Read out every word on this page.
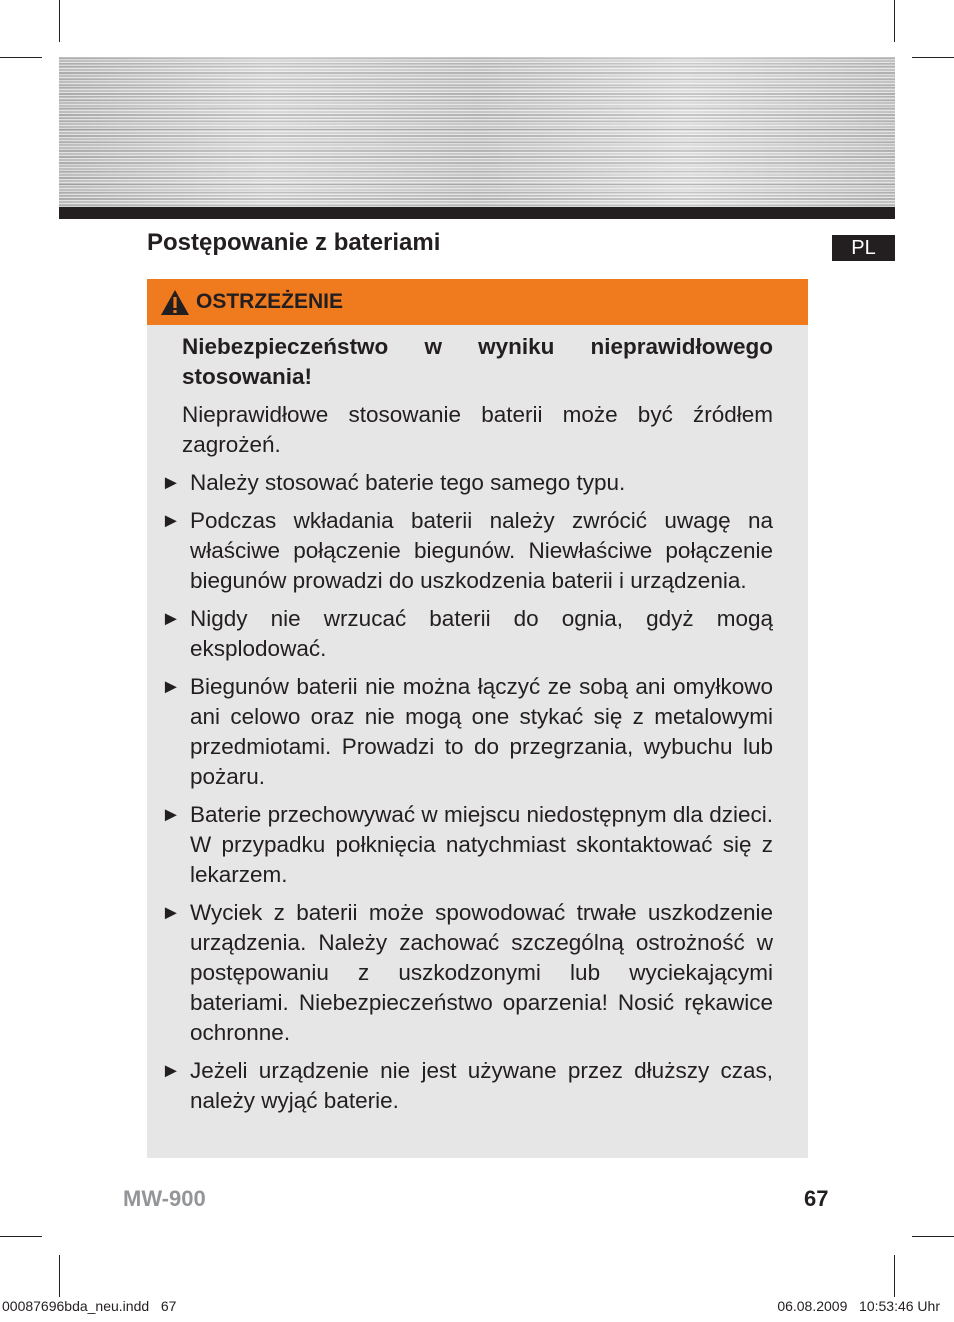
Postępowanie z bateriami	PL
OSTRZEŻENIE

Niebezpieczeństwo w wyniku nieprawidłowego stosowania!

Nieprawidłowe stosowanie baterii może być źródłem zagrożeń.

► Należy stosować baterie tego samego typu.
► Podczas wkładania baterii należy zwrócić uwagę na właściwe połączenie biegunów. Niewłaściwe połączenie biegunów prowadzi do uszkodzenia baterii i urządzenia.
► Nigdy nie wrzucać baterii do ognia, gdyż mogą eksplodować.
► Biegunów baterii nie można łączyć ze sobą ani omyłkowo ani celowo oraz nie mogą one stykać się z metalowymi przedmiotami. Prowadzi to do przegrzania, wybuchu lub pożaru.
► Baterie przechowywać w miejscu niedostępnym dla dzieci. W przypadku połknięcia natychmiast skontaktować się z lekarzem.
► Wyciek z baterii może spowodować trwałe uszkodzenie urządzenia. Należy zachować szczególną ostrożność w postępowaniu z uszkodzonymi lub wyciekającymi bateriami. Niebezpieczeństwo oparzenia! Nosić rękawice ochronne.
► Jeżeli urządzenie nie jest używane przez dłuższy czas, należy wyjąć baterie.
MW-900	67
00087696bda_neu.indd   67	06.08.2009   10:53:46 Uhr
